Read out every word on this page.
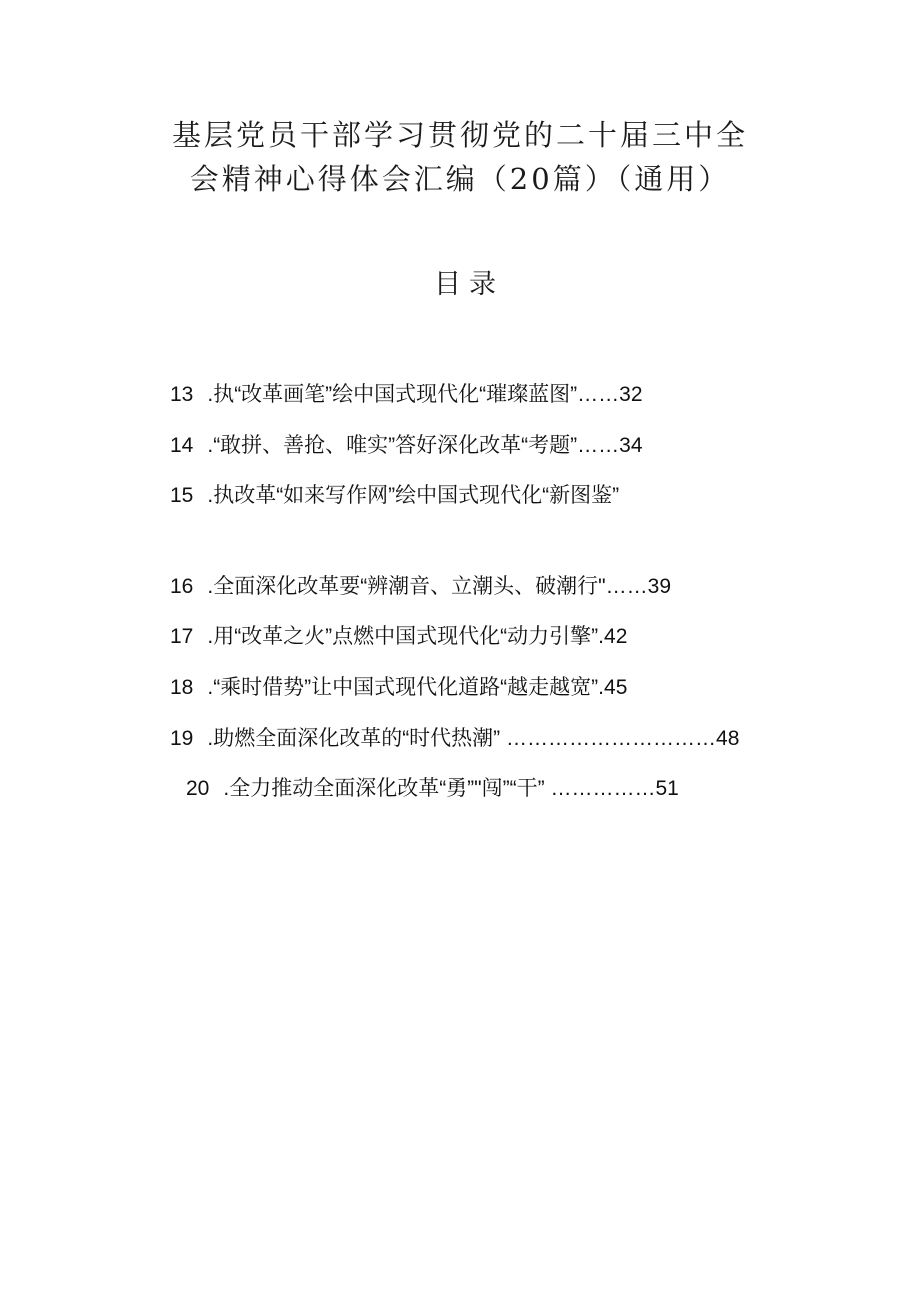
基层党员干部学习贯彻党的二十届三中全
会精神心得体会汇编（20篇）（通用）
目录
13 .执“改革画笔”绘中国式现代化“璀璨蓝图”……32
14 .“敢拼、善抢、唯实”答好深化改革“考题”……34
15 .执改革“如来写作网”绘中国式现代化“新图鉴”
16 .全面深化改革要“辨潮音、立潮头、破潮行"……39
17 .用“改革之火”点燃中国式现代化“动力引擎”.42
18 .“乘时借势”让中国式现代化道路“越走越宽”.45
19 .助燃全面深化改革的“时代热潮” …………………………48
20 .全力推动全面深化改革“勇”"闯”“干” ……………51
